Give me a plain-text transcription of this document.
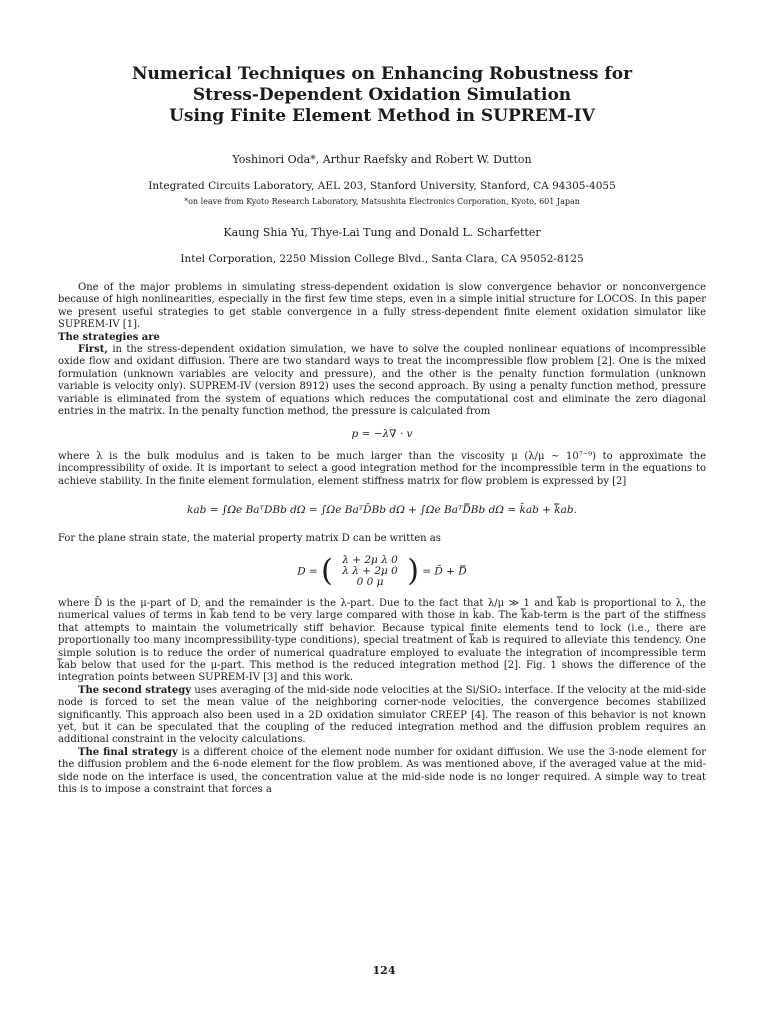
Numerical Techniques on Enhancing Robustness for
Stress-Dependent Oxidation Simulation
Using Finite Element Method in SUPREM-IV

Yoshinori Oda*, Arthur Raefsky and Robert W. Dutton

Integrated Circuits Laboratory, AEL 203, Stanford University, Stanford, CA 94305-4055

*on leave from Kyoto Research Laboratory, Matsushita Electronics Corporation, Kyoto, 601 Japan

Kaung Shia Yu, Thye-Lai Tung and Donald L. Scharfetter

Intel Corporation, 2250 Mission College Blvd., Santa Clara, CA 95052-8125

One of the major problems in simulating stress-dependent oxidation is slow convergence behavior or nonconvergence because of high nonlinearities, especially in the first few time steps, even in a simple initial structure for LOCOS. In this paper we present useful strategies to get stable convergence in a fully stress-dependent finite element oxidation simulator like SUPREM-IV [1].

The strategies are

First, in the stress-dependent oxidation simulation, we have to solve the coupled nonlinear equations of incompressible oxide flow and oxidant diffusion. There are two standard ways to treat the incompressible flow problem [2]. One is the mixed formulation (unknown variables are velocity and pressure), and the other is the penalty function formulation (unknown variable is velocity only). SUPREM-IV (version 8912) uses the second approach. By using a penalty function method, pressure variable is eliminated from the system of equations which reduces the computational cost and eliminate the zero diagonal entries in the matrix. In the penalty function method, the pressure is calculated from

p = −λ∇ · v

where λ is the bulk modulus and is taken to be much larger than the viscosity μ (λ/μ ~ 10⁷⁻⁹) to approximate the incompressibility of oxide. It is important to select a good integration method for the incompressible term in the equations to achieve stability. In the finite element formulation, element stiffness matrix for flow problem is expressed by [2]

kab = ∫Ωe BaᵀDBb dΩ = ∫Ωe BaᵀD̄Bb dΩ + ∫Ωe BaᵀD̿Bb dΩ = k̄ab + k̿ab.

For the plane strain state, the material property matrix D can be written as

D = ( λ + 2μ λ 0
λ λ + 2μ 0
0 0 μ ) = D̄ + D̿

where D̄ is the μ-part of D, and the remainder is the λ-part. Due to the fact that λ/μ ≫ 1 and k̿ab is proportional to λ, the numerical values of terms in k̿ab tend to be very large compared with those in k̄ab. The k̿ab-term is the part of the stiffness that attempts to maintain the volumetrically stiff behavior. Because typical finite elements tend to lock (i.e., there are proportionally too many incompressibility-type conditions), special treatment of k̿ab is required to alleviate this tendency. One simple solution is to reduce the order of numerical quadrature employed to evaluate the integration of incompressible term k̿ab below that used for the μ-part. This method is the reduced integration method [2]. Fig. 1 shows the difference of the integration points between SUPREM-IV [3] and this work.

The second strategy uses averaging of the mid-side node velocities at the Si/SiO₂ interface. If the velocity at the mid-side node is forced to set the mean value of the neighboring corner-node velocities, the convergence becomes stabilized significantly. This approach also been used in a 2D oxidation simulator CREEP [4]. The reason of this behavior is not known yet, but it can be speculated that the coupling of the reduced integration method and the diffusion problem requires an additional constraint in the velocity calculations.

The final strategy is a different choice of the element node number for oxidant diffusion. We use the 3-node element for the diffusion problem and the 6-node element for the flow problem. As was mentioned above, if the averaged value at the mid-side node on the interface is used, the concentration value at the mid-side node is no longer required. A simple way to treat this is to impose a constraint that forces a

124
